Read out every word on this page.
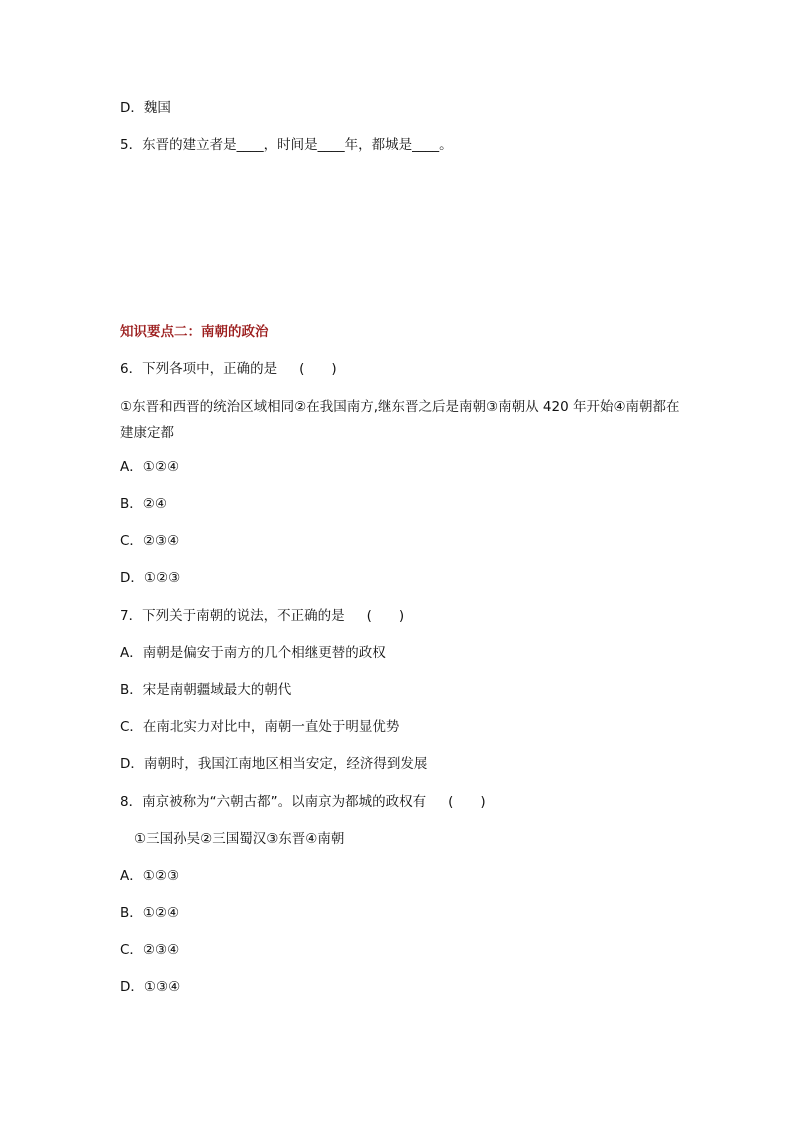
D．魏国
5．东晋的建立者是____，时间是____年，都城是____。
知识要点二：南朝的政治
6．下列各项中，正确的是 (　　)
①东晋和西晋的统治区域相同②在我国南方,继东晋之后是南朝③南朝从 420 年开始④南朝都在建康定都
A．①②④
B．②④
C．②③④
D．①②③
7．下列关于南朝的说法，不正确的是 (　　)
A．南朝是偏安于南方的几个相继更替的政权
B．宋是南朝疆域最大的朝代
C．在南北实力对比中，南朝一直处于明显优势
D．南朝时，我国江南地区相当安定，经济得到发展
8．南京被称为“六朝古都”。以南京为都城的政权有 (　　)
①三国孙吴②三国蜀汉③东晋④南朝
A．①②③
B．①②④
C．②③④
D．①③④
